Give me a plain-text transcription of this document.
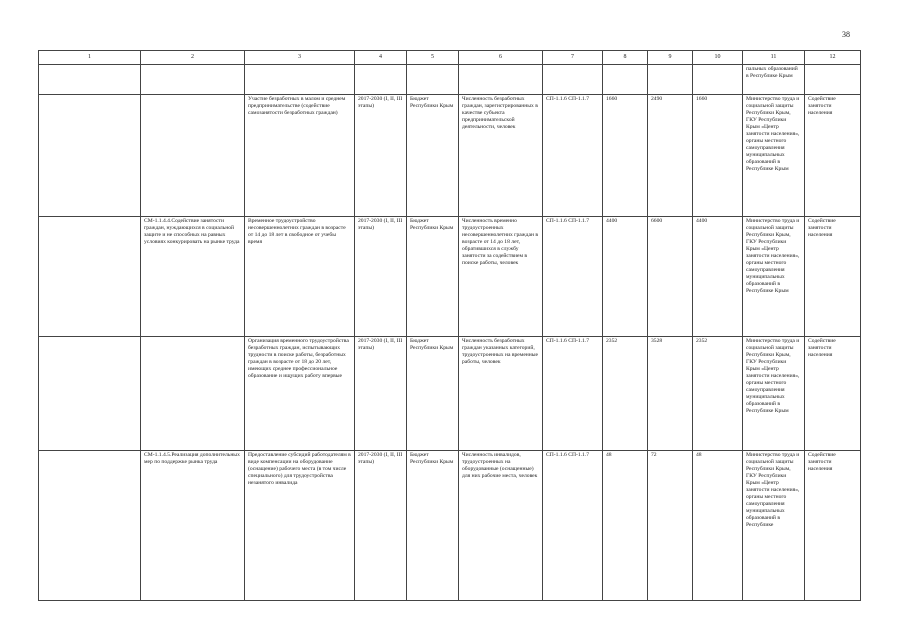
38
1	2	3	4	5	6	7	8	9	10	11	12
										пальных образований в Республике Крым	
		Участие безработных в малом и среднем предпринимательстве (содействие самозанятости безработных граждан)	2017-2030 (I, II, III этапы)	Бюджет Республики Крым	Численность безработных граждан, зарегистрированных в качестве субъекта предпринимательской деятельности, человек	СП-1.1.6 СП-1.1.7	1660	2490	1660	Министерство труда и социальной защиты Республики Крым, ГКУ Республики Крым «Центр занятости населения», органы местного самоуправления муниципальных образований в Республике Крым	Содействие занятости населения
	СМ-1.1.4.4.Содействие занятости граждан, нуждающихся в социальной защите и не способных на равных условиях конкурировать на рынке труда	Временное трудоустройство несовершеннолетних граждан в возрасте от 14 до 18 лет в свободное от учебы время	2017-2030 (I, II, III этапы)	Бюджет Республики Крым	Численность временно трудоустроенных несовершеннолетних граждан в возрасте от 14 до 18 лет, обратившихся в службу занятости за содействием в поиске работы, человек	СП-1.1.6 СП-1.1.7	4400	6600	4400	Министерство труда и социальной защиты Республики Крым, ГКУ Республики Крым «Центр занятости населения», органы местного самоуправления муниципальных образований в Республике Крым	Содействие занятости населения
		Организация временного трудоустройства безработных граждан, испытывающих трудности в поиске работы, безработных граждан в возрасте от 18 до 20 лет, имеющих среднее профессиональное образование и ищущих работу впервые	2017-2030 (I, II, III этапы)	Бюджет Республики Крым	Численность безработных граждан указанных категорий, трудоустроенных на временные работы, человек	СП-1.1.6 СП-1.1.7	2352	3528	2352	Министерство труда и социальной защиты Республики Крым, ГКУ Республики Крым «Центр занятости населения», органы местного самоуправления муниципальных образований в Республике Крым	Содействие занятости населения
	СМ-1.1.4.5.Реализация дополнительных мер по поддержке рынка труда	Предоставление субсидий работодателям в виде компенсации на оборудование (оснащение) рабочего места (в том числе специального) для трудоустройства незанятого инвалида	2017-2030 (I, II, III этапы)	Бюджет Республики Крым	Численность инвалидов, трудоустроенных на оборудованные (оснащенные) для них рабочие места, человек	СП-1.1.6 СП-1.1.7	48	72	48	Министерство труда и социальной защиты Республики Крым, ГКУ Республики Крым «Центр занятости населения», органы местного самоуправления муниципальных образований в Республике	Содействие занятости населения
